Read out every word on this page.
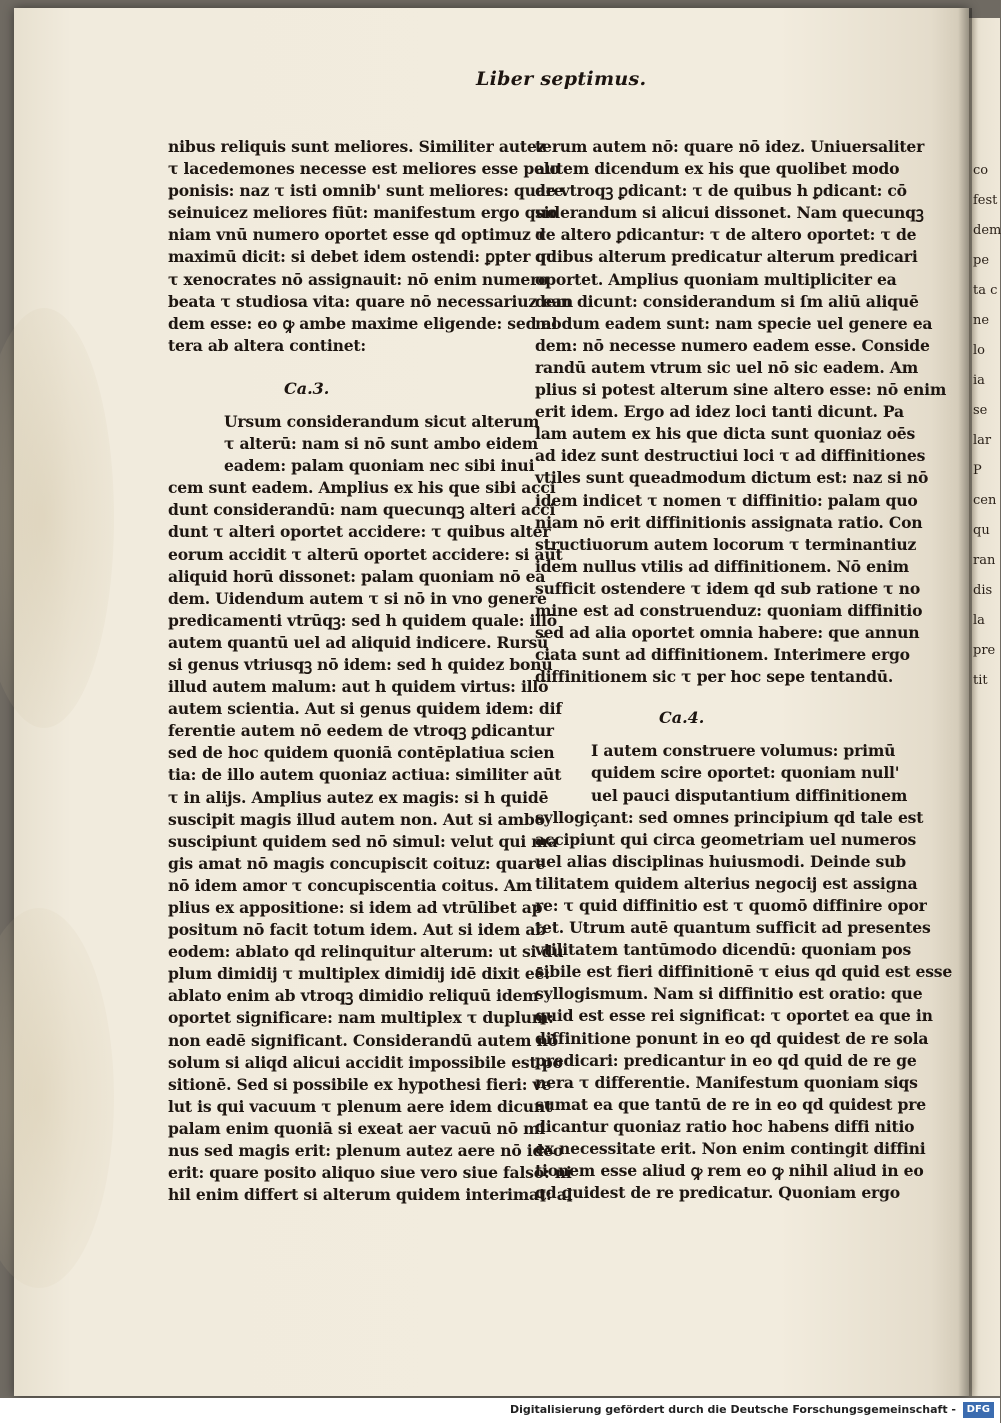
co
fest
dem
pe
ta c
ne
lo
ia
se
lar
P
cen
qu
ran
dis
la
pre
tit
Liber septimus.
nibus reliquis sunt meliores. Similiter autez
τ lacedemones necesse est meliores esse pelo
ponisis: naz τ isti omnib' sunt meliores: quare
seinuicez meliores fiūt: manifestum ergo quo
niam vnū numero oportet esse qd optimuz τ
maximū dicit: si debet idem ostendi: ꝑpter qd
τ xenocrates nō assignauit: nō enim numero
beata τ studiosa vita: quare nō necessariuz ean
dem esse: eo ꝙ ambe maxime eligende: sed al
tera ab altera continet:
Ca.3.
Ursum considerandum sicut alterum
τ alterū: nam si nō sunt ambo eidem
eadem: palam quoniam nec sibi inui
cem sunt eadem. Amplius ex his que sibi acci
dunt considerandū: nam quecunqꝫ alteri acci
dunt τ alteri oportet accidere: τ quibus alter
eorum accidit τ alterū oportet accidere: si aūt
aliquid horū dissonet: palam quoniam nō ea
dem. Uidendum autem τ si nō in vno genere
predicamenti vtrūqꝫ: sed h quidem quale: illō
autem quantū uel ad aliquid indicere. Rursū
si genus vtriusqꝫ nō idem: sed h quidez bonū
illud autem malum: aut h quidem virtus: illō
autem scientia. Aut si genus quidem idem: dif
ferentie autem nō eedem de vtroqꝫ ꝑdicantur
sed de hoc quidem quoniā contēplatiua scien
tia: de illo autem quoniaz actiua: similiter aūt
τ in alijs. Amplius autez ex magis: si h quidē
suscipit magis illud autem non. Aut si ambo
suscipiunt quidem sed nō simul: velut qui ma
gis amat nō magis concupiscit coituz: quare
nō idem amor τ concupiscentia coitus. Am
plius ex appositione: si idem ad vtrūlibet ap
positum nō facit totum idem. Aut si idem ab
eodem: ablato qd relinquitur alterum: ut si du
plum dimidij τ multiplex dimidij idē dixit eē:
ablato enim ab vtroqꝫ dimidio reliquū idem
oportet significare: nam multiplex τ duplum:
non eadē significant. Considerandū autem nō
solum si aliqd alicui accidit impossibile est po
sitionē. Sed si possibile ex hypothesi fieri: ve
lut is qui vacuum τ plenum aere idem dicunt
palam enim quoniā si exeat aer vacuū nō mi
nus sed magis erit: plenum autez aere nō ideo
erit: quare posito aliquo siue vero siue falso: ni
hil enim differt si alterum quidem interimat: al
terum autem nō: quare nō idez. Uniuersaliter
autem dicendum ex his que quolibet modo
de vtroqꝫ ꝑdicant: τ de quibus h ꝑdicant: cō
siderandum si alicui dissonet. Nam quecunqꝫ
de altero ꝑdicantur: τ de altero oportet: τ de
quibus alterum predicatur alterum predicari
oportet. Amplius quoniam multipliciter ea
dem dicunt: considerandum si ſm aliū aliquē
modum eadem sunt: nam specie uel genere ea
dem: nō necesse numero eadem esse. Conside
randū autem vtrum sic uel nō sic eadem. Am
plius si potest alterum sine altero esse: nō enim
erit idem. Ergo ad idez loci tanti dicunt. Pa
lam autem ex his que dicta sunt quoniaz oēs
ad idez sunt destructiui loci τ ad diffinitiones
vtiles sunt queadmodum dictum est: naz si nō
idem indicet τ nomen τ diffinitio: palam quo
niam nō erit diffinitionis assignata ratio. Con
structiuorum autem locorum τ terminantiuz
idem nullus vtilis ad diffinitionem. Nō enim
sufficit ostendere τ idem qd sub ratione τ no
mine est ad construenduz: quoniam diffinitio
sed ad alia oportet omnia habere: que annun
ciata sunt ad diffinitionem. Interimere ergo
diffinitionem sic τ per hoc sepe tentandū.
Ca.4.
I autem construere volumus: primū
quidem scire oportet: quoniam null'
uel pauci disputantium diffinitionem
syllogiçant: sed omnes principium qd tale est
accipiunt qui circa geometriam uel numeros
uel alias disciplinas huiusmodi. Deinde sub
tilitatem quidem alterius negocij est assigna
re: τ quid diffinitio est τ quomō diffinire opor
tet. Utrum autē quantum sufficit ad presentes
vtilitatem tantūmodo dicendū: quoniam pos
sibile est fieri diffinitionē τ eius qd quid est esse
syllogismum. Nam si diffinitio est oratio: que
quid est esse rei significat: τ oportet ea que in
diffinitione ponunt in eo qd quidest de re sola
predicari: predicantur in eo qd quid de re ge
nera τ differentie. Manifestum quoniam siqs
sumat ea que tantū de re in eo qd quidest pre
dicantur quoniaz ratio hoc habens diffi nitio
ex necessitate erit. Non enim contingit diffini
tionem esse aliud ꝙ rem eo ꝙ nihil aliud in eo
qd quidest de re predicatur. Quoniam ergo
Digitalisierung gefördert durch die Deutsche Forschungsgemeinschaft -	DFG
